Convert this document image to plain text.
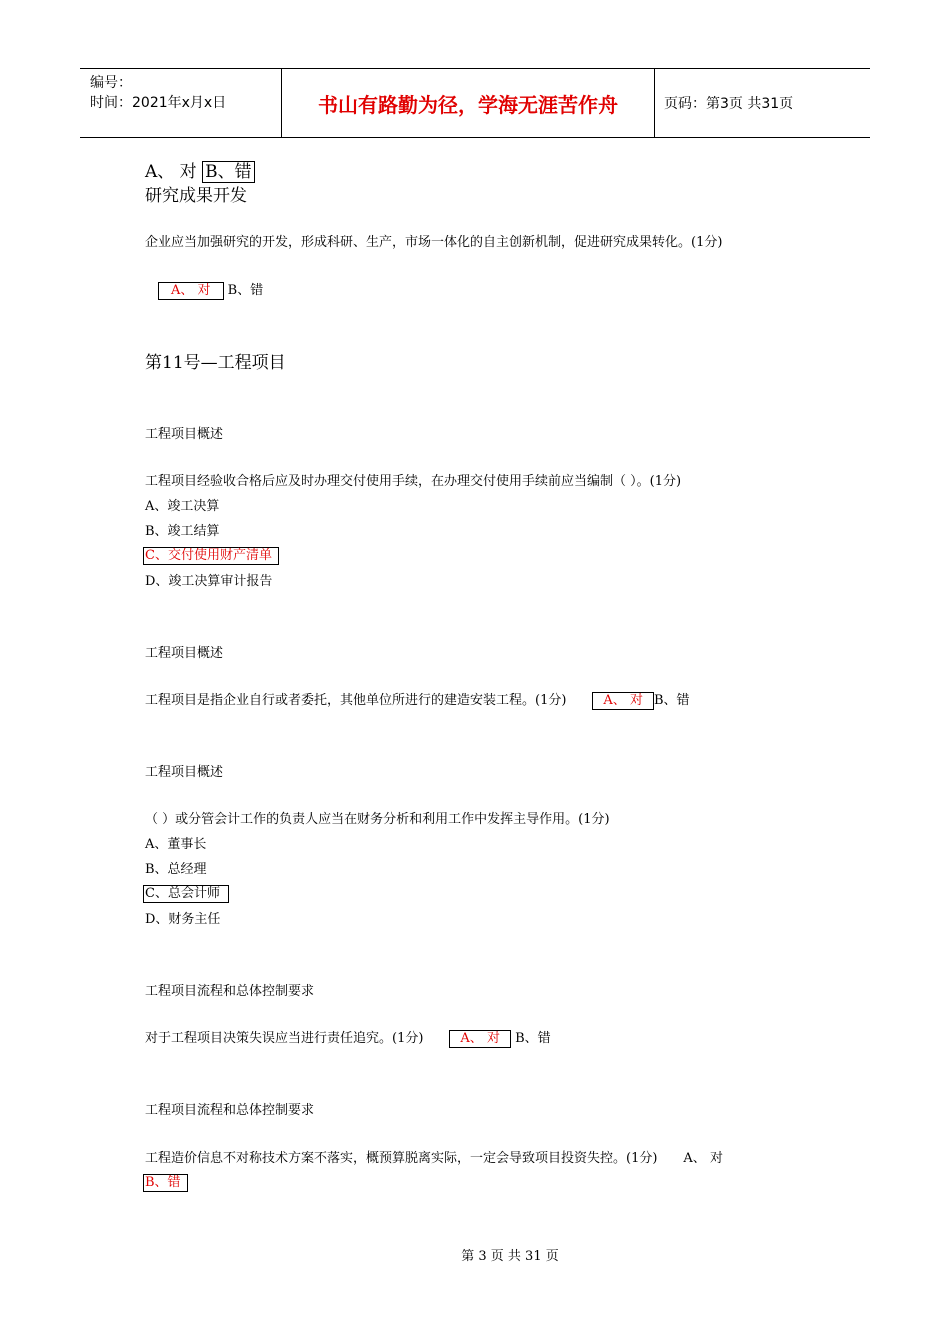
编号：
时间：2021年x月x日	书山有路勤为径，学海无涯苦作舟	页码：第3页 共31页
A、 对 B、错
研究成果开发
企业应当加强研究的开发，形成科研、生产，市场一体化的自主创新机制，促进研究成果转化。(1分)
A、 对 B、错
第11号—工程项目
工程项目概述
工程项目经验收合格后应及时办理交付使用手续，在办理交付使用手续前应当编制（ ）。(1分)
A、竣工决算
B、竣工结算
C、交付使用财产清单
D、竣工决算审计报告
工程项目概述
工程项目是指企业自行或者委托，其他单位所进行的建造安装工程。(1分)	A、 对 B、错
工程项目概述
（ ）或分管会计工作的负责人应当在财务分析和利用工作中发挥主导作用。(1分)
A、董事长
B、总经理
C、总会计师
D、财务主任
工程项目流程和总体控制要求
对于工程项目决策失误应当进行责任追究。(1分)	A、 对 B、错
工程项目流程和总体控制要求
工程造价信息不对称技术方案不落实，概预算脱离实际，一定会导致项目投资失控。(1分) A、 对
B、错
第 3 页 共 31 页
